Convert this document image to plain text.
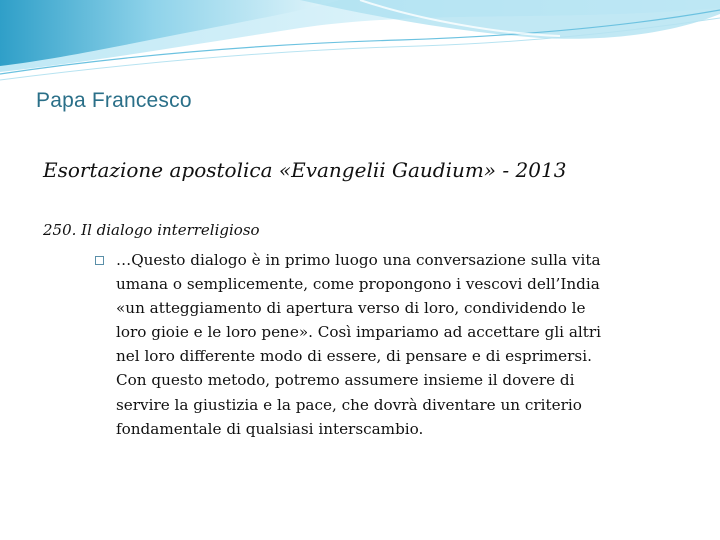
Papa Francesco
Esortazione apostolica «Evangelii Gaudium» - 2013
250. Il dialogo interreligioso
…Questo dialogo è in primo luogo una conversazione sulla vita
umana o semplicemente, come propongono i vescovi dell’India
«un atteggiamento di apertura verso di loro, condividendo le
loro gioie e le loro pene». Così impariamo ad accettare gli altri
nel loro differente modo di essere, di pensare e di esprimersi.
Con questo metodo, potremo assumere insieme il dovere di
servire la giustizia e la pace, che dovrà diventare un criterio
fondamentale di qualsiasi interscambio.
